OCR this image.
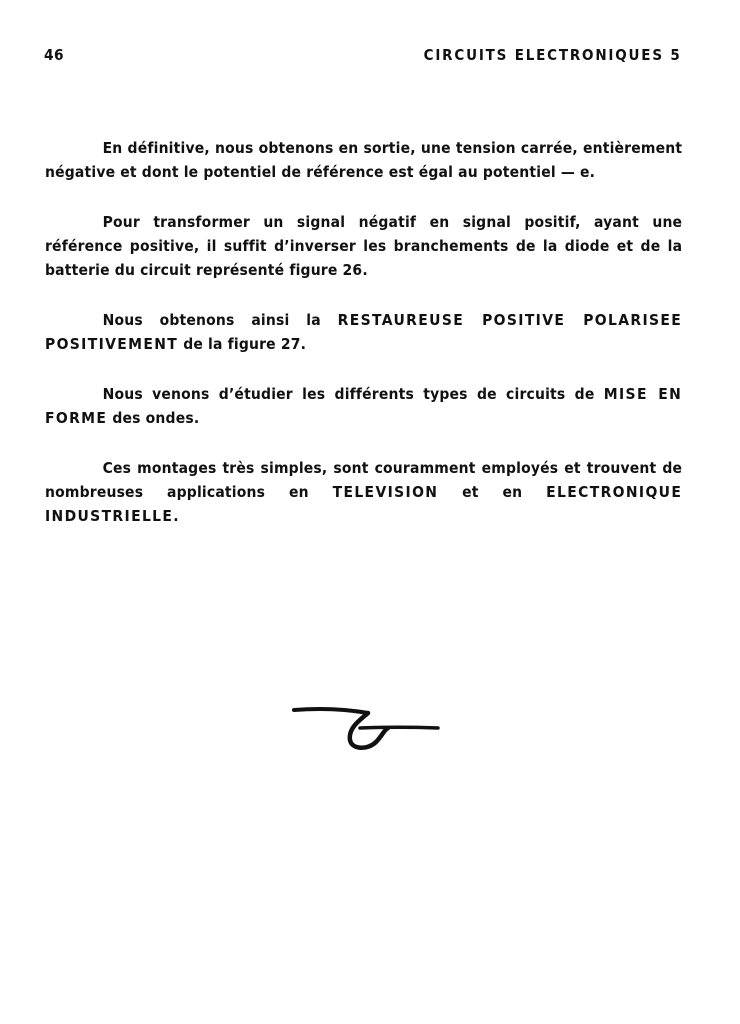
46	CIRCUITS ELECTRONIQUES 5

En définitive, nous obtenons en sortie, une tension carrée, entièrement négative et dont le potentiel de référence est égal au potentiel — e.

Pour transformer un signal négatif en signal positif, ayant une référence positive, il suffit d’inverser les branchements de la diode et de la batterie du circuit représenté figure 26.

Nous obtenons ainsi la RESTAUREUSE POSITIVE POLARISEE POSITIVEMENT de la figure 27.

Nous venons d’étudier les différents types de circuits de MISE EN FORME des ondes.

Ces montages très simples, sont couramment employés et trouvent de nombreuses applications en TELEVISION et en ELECTRONIQUE INDUSTRIELLE.
